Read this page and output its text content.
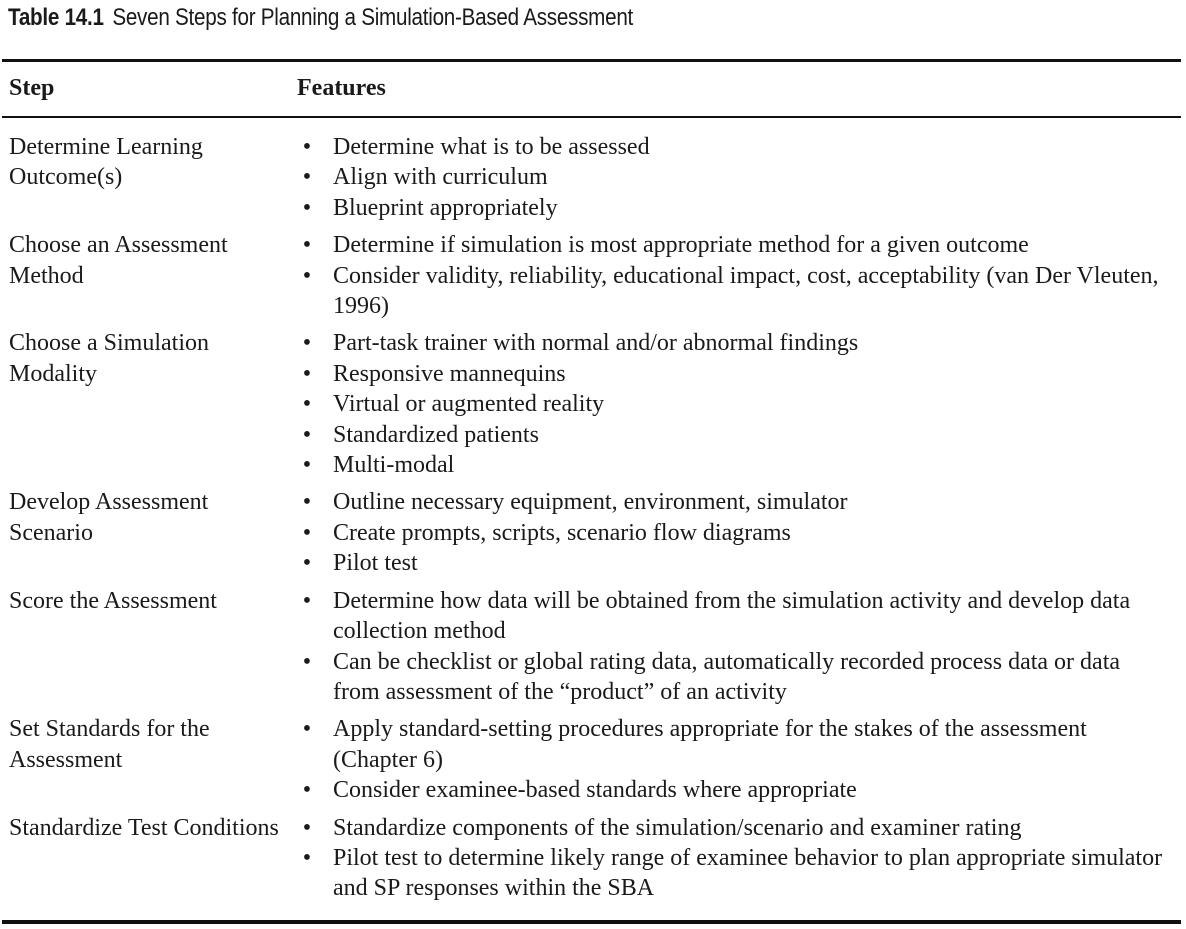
Table 14.1 Seven Steps for Planning a Simulation-Based Assessment
Step	Features
Determine Learning Outcome(s)
• Determine what is to be assessed
• Align with curriculum
• Blueprint appropriately
Choose an Assessment Method
• Determine if simulation is most appropriate method for a given outcome
• Consider validity, reliability, educational impact, cost, acceptability (van Der Vleuten, 1996)
Choose a Simulation Modality
• Part-task trainer with normal and/or abnormal findings
• Responsive mannequins
• Virtual or augmented reality
• Standardized patients
• Multi-modal
Develop Assessment Scenario
• Outline necessary equipment, environment, simulator
• Create prompts, scripts, scenario flow diagrams
• Pilot test
Score the Assessment	• Determine how data will be obtained from the simulation activity and develop data collection method
• Can be checklist or global rating data, automatically recorded process data or data from assessment of the “product” of an activity
Set Standards for the Assessment
• Apply standard-setting procedures appropriate for the stakes of the assessment (Chapter 6)
• Consider examinee-based standards where appropriate
Standardize Test Conditions • Standardize components of the simulation/scenario and examiner rating
• Pilot test to determine likely range of examinee behavior to plan appropriate simulator and SP responses within the SBA
